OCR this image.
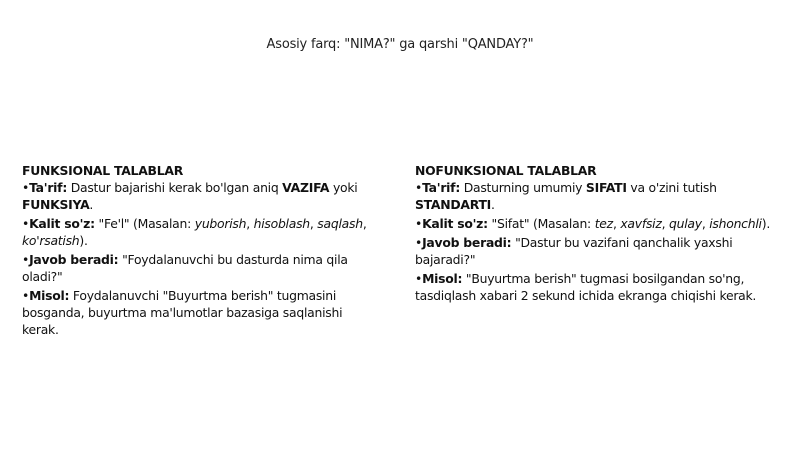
Asosiy farq: "NIMA?" ga qarshi "QANDAY?"
FUNKSIONAL TALABLAR
•Ta'rif: Dastur bajarishi kerak bo'lgan aniq VAZIFA yoki FUNKSIYA.
•Kalit so'z: "Fe'l" (Masalan: yuborish, hisoblash, saqlash, ko'rsatish).
•Javob beradi: "Foydalanuvchi bu dasturda nima qila oladi?"
•Misol: Foydalanuvchi "Buyurtma berish" tugmasini bosganda, buyurtma ma'lumotlar bazasiga saqlanishi kerak.
NOFUNKSIONAL TALABLAR
•Ta'rif: Dasturning umumiy SIFATI va o'zini tutish STANDARTI.
•Kalit so'z: "Sifat" (Masalan: tez, xavfsiz, qulay, ishonchli).
•Javob beradi: "Dastur bu vazifani qanchalik yaxshi bajaradi?"
•Misol: "Buyurtma berish" tugmasi bosilgandan so'ng, tasdiqlash xabari 2 sekund ichida ekranga chiqishi kerak.
